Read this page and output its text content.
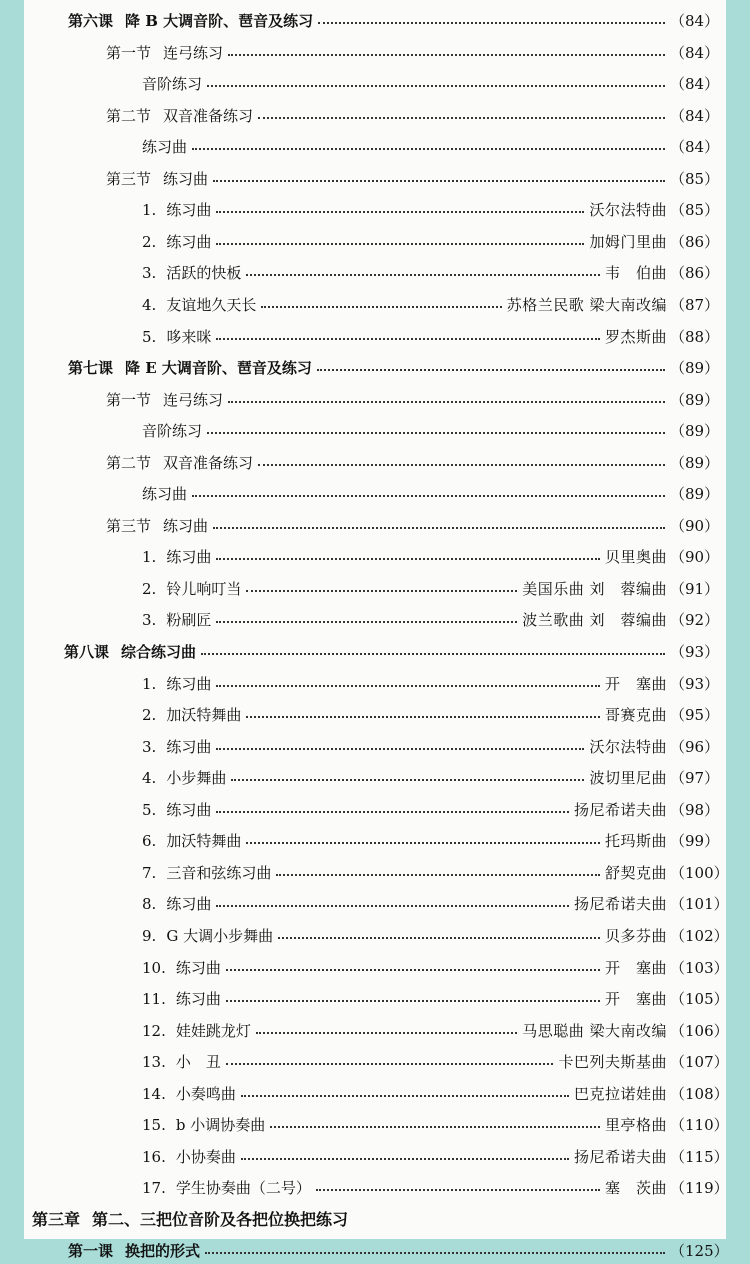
第六课 降 B 大调音阶、琶音及练习	（84）
第一节 连弓练习	（84）
音阶练习	（84）
第二节 双音准备练习	（84）
练习曲	（84）
第三节 练习曲	（85）
1. 练习曲	沃尔法特曲 （85）
2. 练习曲	加姆门里曲 （86）
3. 活跃的快板	韦　伯曲 （86）
4. 友谊地久天长	苏格兰民歌 梁大南改编 （87）
5. 哆来咪	罗杰斯曲 （88）
第七课 降 E 大调音阶、琶音及练习	（89）
第一节 连弓练习	（89）
音阶练习	（89）
第二节 双音准备练习	（89）
练习曲	（89）
第三节 练习曲	（90）
1. 练习曲	贝里奥曲 （90）
2. 铃儿响叮当	美国乐曲 刘　蓉编曲 （91）
3. 粉刷匠	波兰歌曲 刘　蓉编曲 （92）
第八课 综合练习曲	（93）
1. 练习曲	开　塞曲 （93）
2. 加沃特舞曲	哥赛克曲 （95）
3. 练习曲	沃尔法特曲 （96）
4. 小步舞曲	波切里尼曲 （97）
5. 练习曲	扬尼希诺夫曲 （98）
6. 加沃特舞曲	托玛斯曲 （99）
7. 三音和弦练习曲	舒契克曲 （100）
8. 练习曲	扬尼希诺夫曲 （101）
9. G 大调小步舞曲	贝多芬曲 （102）
10. 练习曲	开　塞曲 （103）
11. 练习曲	开　塞曲 （105）
12. 娃娃跳龙灯	马思聪曲 梁大南改编 （106）
13. 小　丑	卡巴列夫斯基曲 （107）
14. 小奏鸣曲	巴克拉诺娃曲 （108）
15. b 小调协奏曲	里亭格曲 （110）
16. 小协奏曲	扬尼希诺夫曲 （115）
17. 学生协奏曲（二号）	塞　茨曲 （119）
第三章 第二、三把位音阶及各把位换把练习
第一课 换把的形式	（125）
